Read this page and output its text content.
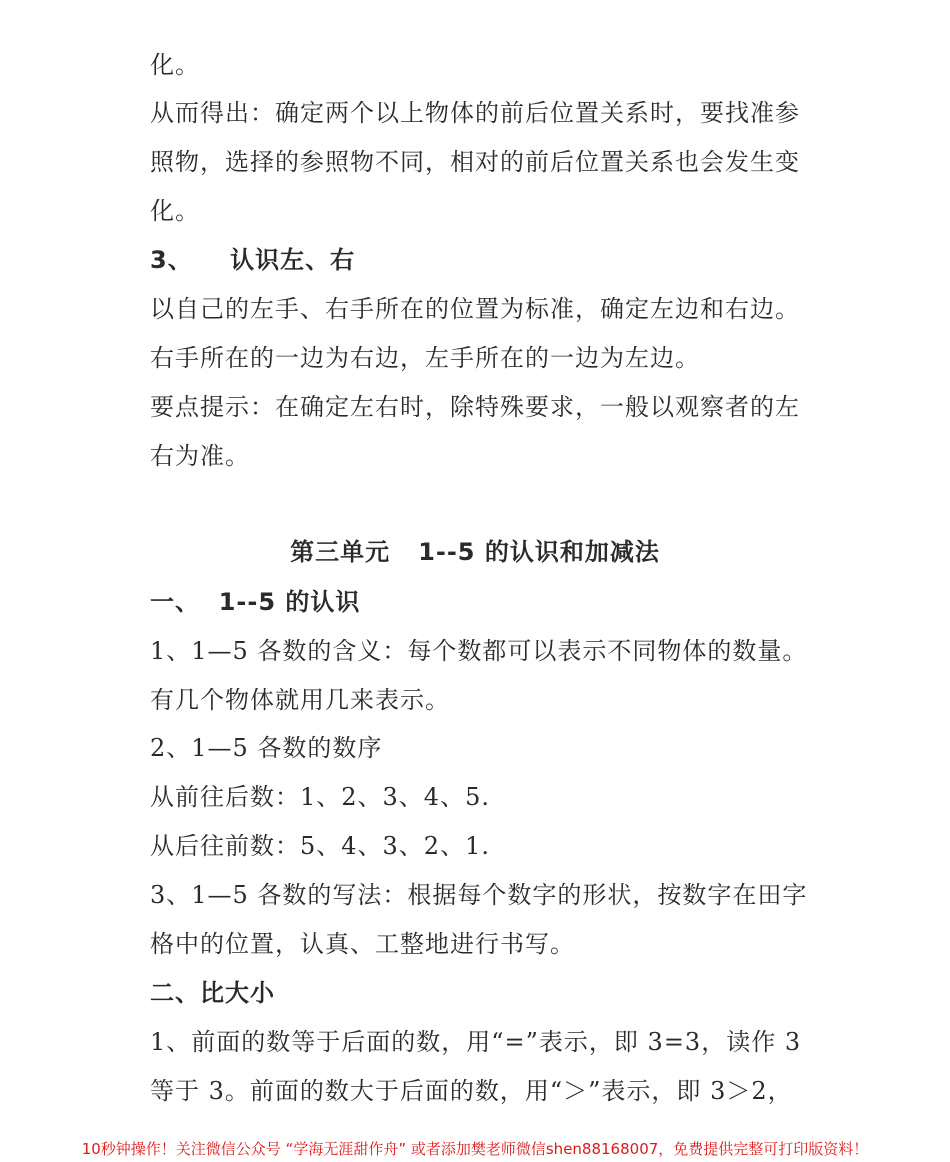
化。
从而得出：确定两个以上物体的前后位置关系时，要找准参
照物，选择的参照物不同，相对的前后位置关系也会发生变
化。
3、    认识左、右
以自己的左手、右手所在的位置为标准，确定左边和右边。
右手所在的一边为右边，左手所在的一边为左边。
要点提示：在确定左右时，除特殊要求，一般以观察者的左
右为准。
第三单元   1--5 的认识和加减法
一、  1--5 的认识
1、1—5 各数的含义：每个数都可以表示不同物体的数量。
有几个物体就用几来表示。
2、1—5 各数的数序
从前往后数：1、2、3、4、5.
从后往前数：5、4、3、2、1.
3、1—5 各数的写法：根据每个数字的形状，按数字在田字
格中的位置，认真、工整地进行书写。
二、比大小
1、前面的数等于后面的数，用“=”表示，即 3=3，读作 3
等于 3。前面的数大于后面的数，用“＞”表示，即 3＞2，
10秒钟操作！关注微信公众号 “学海无涯甜作舟” 或者添加樊老师微信shen88168007，免费提供完整可打印版资料！
